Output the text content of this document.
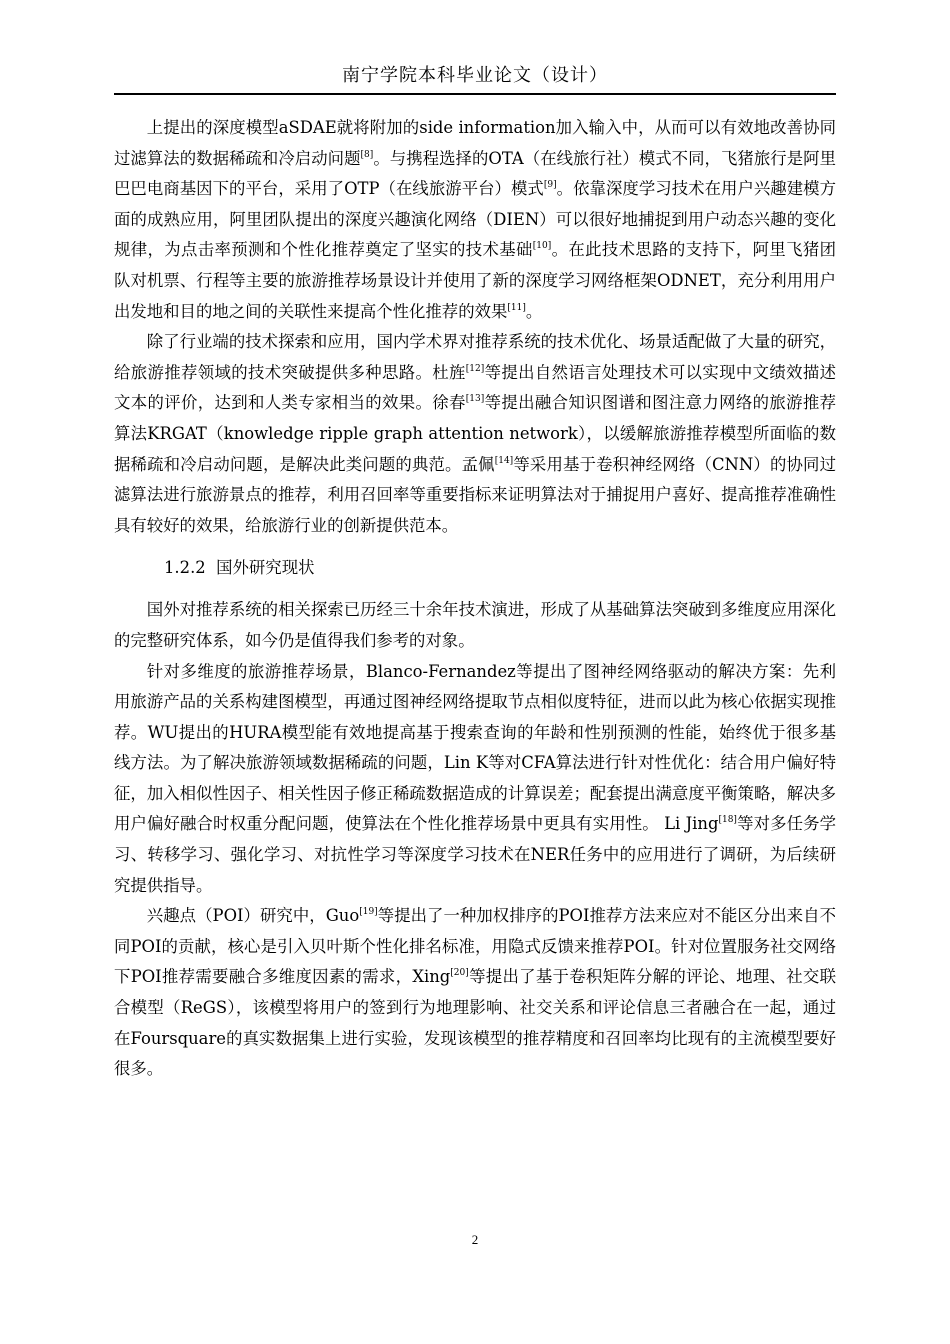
南宁学院本科毕业论文（设计）

上提出的深度模型aSDAE就将附加的side information加入输入中，从而可以有效地改善协同过滤算法的数据稀疏和冷启动问题[8]。与携程选择的OTA（在线旅行社）模式不同，飞猪旅行是阿里巴巴电商基因下的平台，采用了OTP（在线旅游平台）模式[9]。依靠深度学习技术在用户兴趣建模方面的成熟应用，阿里团队提出的深度兴趣演化网络（DIEN）可以很好地捕捉到用户动态兴趣的变化规律，为点击率预测和个性化推荐奠定了坚实的技术基础[10]。在此技术思路的支持下，阿里飞猪团队对机票、行程等主要的旅游推荐场景设计并使用了新的深度学习网络框架ODNET，充分利用用户出发地和目的地之间的关联性来提高个性化推荐的效果[11]。

除了行业端的技术探索和应用，国内学术界对推荐系统的技术优化、场景适配做了大量的研究，给旅游推荐领域的技术突破提供多种思路。杜旌[12]等提出自然语言处理技术可以实现中文绩效描述文本的评价，达到和人类专家相当的效果。徐春[13]等提出融合知识图谱和图注意力网络的旅游推荐算法KRGAT（knowledge ripple graph attention network），以缓解旅游推荐模型所面临的数据稀疏和冷启动问题，是解决此类问题的典范。孟佩[14]等采用基于卷积神经网络（CNN）的协同过滤算法进行旅游景点的推荐，利用召回率等重要指标来证明算法对于捕捉用户喜好、提高推荐准确性具有较好的效果，给旅游行业的创新提供范本。

1.2.2 国外研究现状

国外对推荐系统的相关探索已历经三十余年技术演进，形成了从基础算法突破到多维度应用深化的完整研究体系，如今仍是值得我们参考的对象。

针对多维度的旅游推荐场景，Blanco-Fernandez等提出了图神经网络驱动的解决方案：先利用旅游产品的关系构建图模型，再通过图神经网络提取节点相似度特征，进而以此为核心依据实现推荐。WU提出的HURA模型能有效地提高基于搜索查询的年龄和性别预测的性能，始终优于很多基线方法。为了解决旅游领域数据稀疏的问题，Lin K等对CFA算法进行针对性优化：结合用户偏好特征，加入相似性因子、相关性因子修正稀疏数据造成的计算误差；配套提出满意度平衡策略，解决多用户偏好融合时权重分配问题，使算法在个性化推荐场景中更具有实用性。 Li Jing[18]等对多任务学习、转移学习、强化学习、对抗性学习等深度学习技术在NER任务中的应用进行了调研，为后续研究提供指导。

兴趣点（POI）研究中，Guo[19]等提出了一种加权排序的POI推荐方法来应对不能区分出来自不同POI的贡献，核心是引入贝叶斯个性化排名标准，用隐式反馈来推荐POI。针对位置服务社交网络下POI推荐需要融合多维度因素的需求，Xing[20]等提出了基于卷积矩阵分解的评论、地理、社交联合模型（ReGS），该模型将用户的签到行为地理影响、社交关系和评论信息三者融合在一起，通过在Foursquare的真实数据集上进行实验，发现该模型的推荐精度和召回率均比现有的主流模型要好很多。

2
